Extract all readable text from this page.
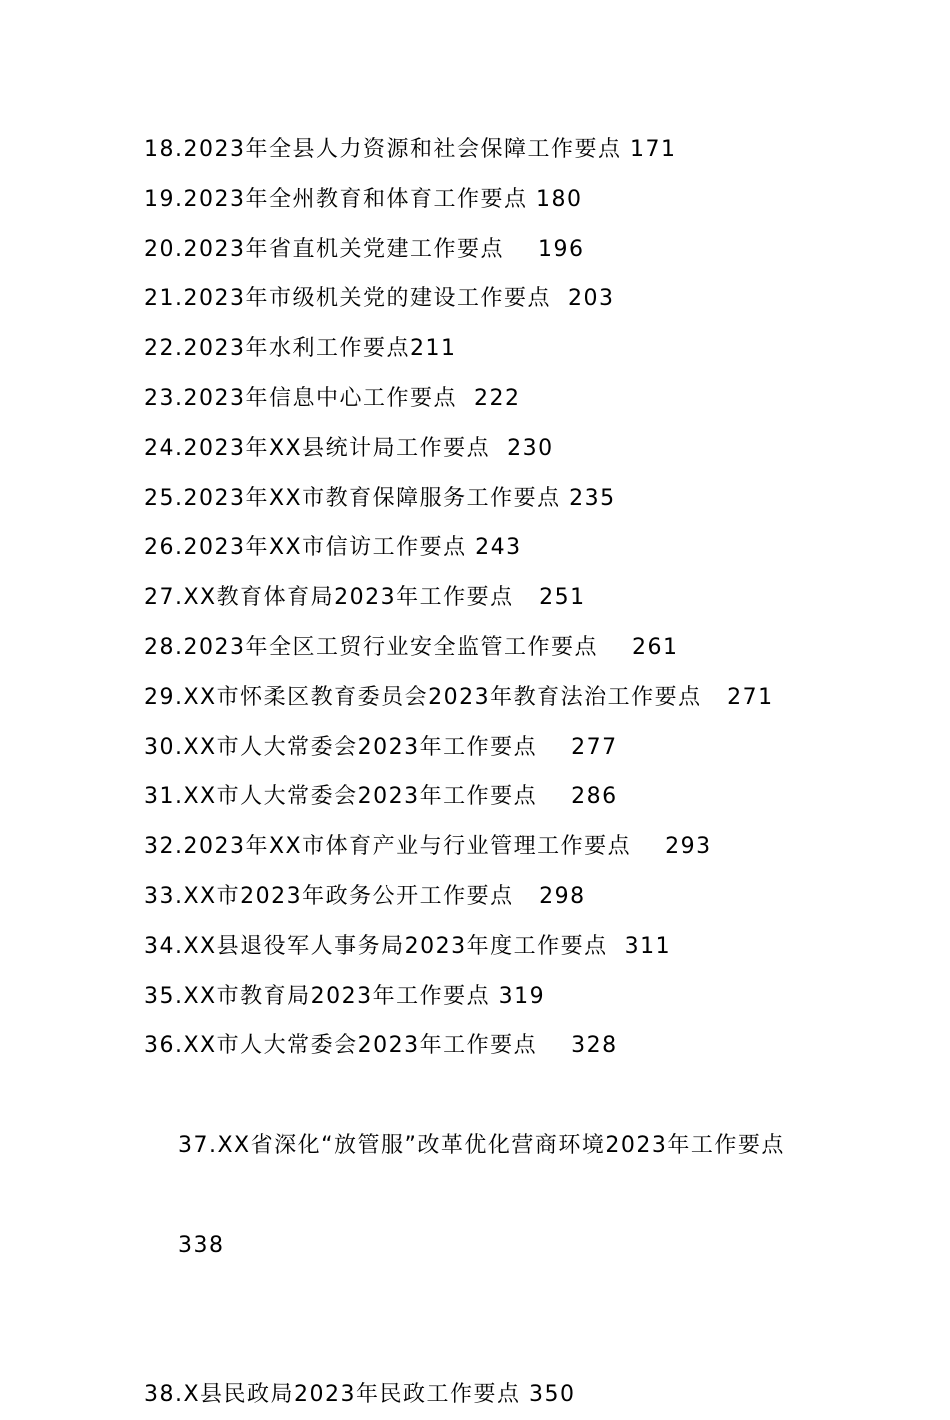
18.2023年全县人力资源和社会保障工作要点 171
19.2023年全州教育和体育工作要点 180
20.2023年省直机关党建工作要点    196
21.2023年市级机关党的建设工作要点  203
22.2023年水利工作要点211
23.2023年信息中心工作要点  222
24.2023年XX县统计局工作要点  230
25.2023年XX市教育保障服务工作要点 235
26.2023年XX市信访工作要点 243
27.XX教育体育局2023年工作要点   251
28.2023年全区工贸行业安全监管工作要点    261
29.XX市怀柔区教育委员会2023年教育法治工作要点   271
30.XX市人大常委会2023年工作要点    277
31.XX市人大常委会2023年工作要点    286
32.2023年XX市体育产业与行业管理工作要点    293
33.XX市2023年政务公开工作要点   298
34.XX县退役军人事务局2023年度工作要点  311
35.XX市教育局2023年工作要点 319
36.XX市人大常委会2023年工作要点    328

37.XX省深化“放管服”改革优化营商环境2023年工作要点

338

38.X县民政局2023年民政工作要点 350
